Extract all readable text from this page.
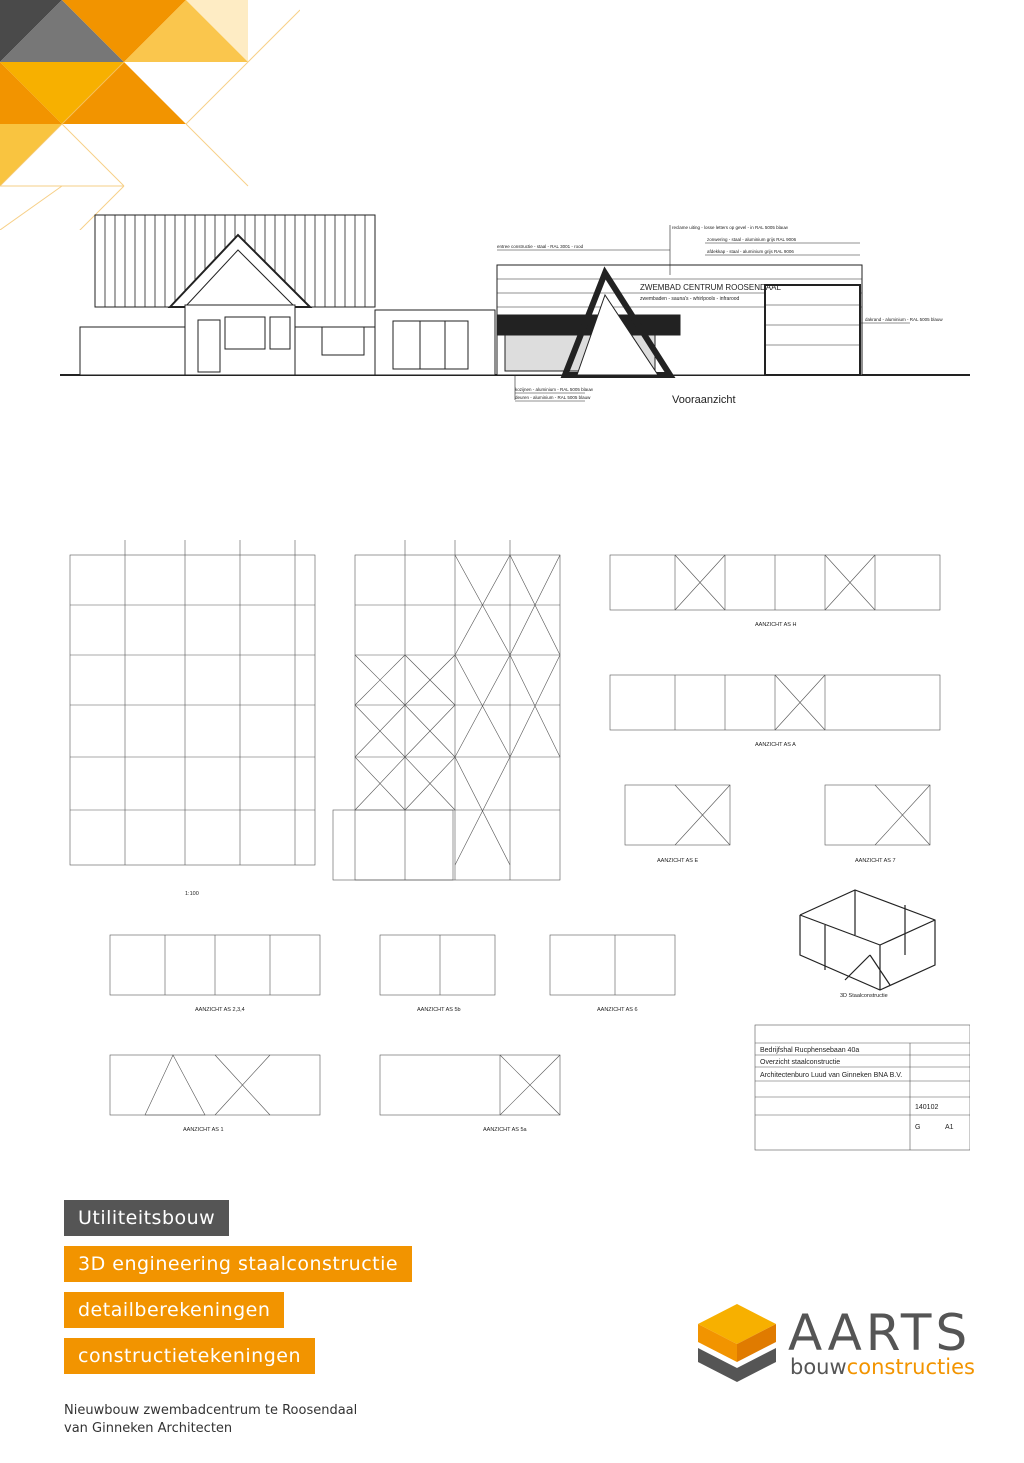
ZWEMBAD CENTRUM ROOSENDAAL
zwembaden - sauna's - whirlpools - infrarood
reclame uiting - losse letters op gevel - in RAL 5005 blauw
zonwering - staal - aluminium grijs RAL 9006
afdekkap - staal - aluminium grijs RAL 9006
entree constructie - staal - RAL 3001 - rood
dakrand - aluminium - RAL 5005 blauw
kozijnen - aluminium - RAL 5005 blauw
deuren - aluminium - RAL 5005 blauw	Vooraanzicht
AANZICHT AS H
AANZICHT AS A
AANZICHT AS E	AANZICHT AS 7
AANZICHT AS 2,3,4	AANZICHT AS 5b	AANZICHT AS 6
AANZICHT AS 1	AANZICHT AS 5a
3D Staalconstructie
1:100
Bedrijfshal Rucphensebaan 40a
Overzicht staalconstructie
Architectenburo Luud van Ginneken BNA B.V.
140102
G	A1
Utiliteitsbouw
3D engineering staalconstructie
detailberekeningen
constructietekeningen
Nieuwbouw zwembadcentrum te Roosendaal
van Ginneken Architecten
AARTS
bouwconstructies
